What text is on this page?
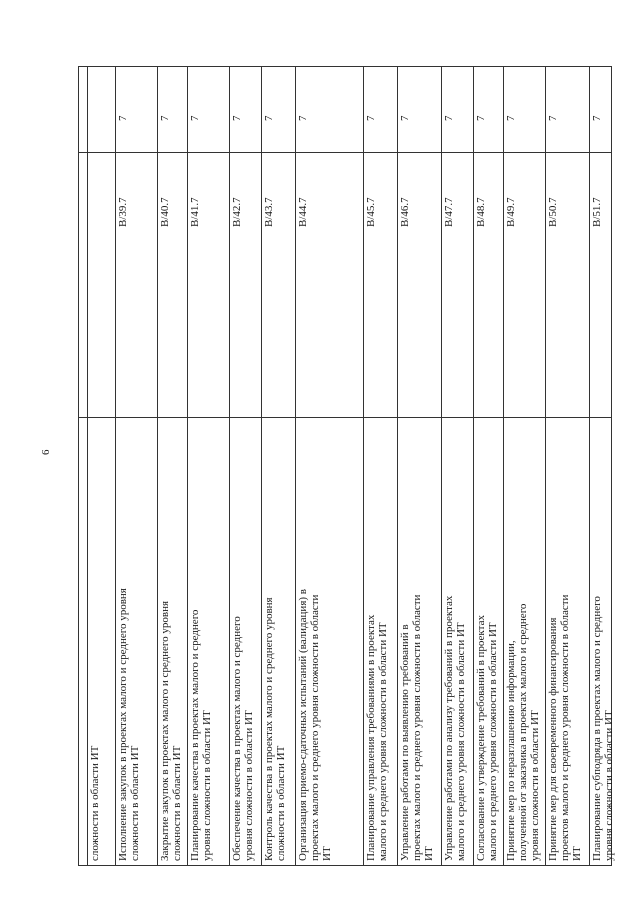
6
сложности в области ИТ Исполнение закупок в проектах малого и среднего уровня сложности в области ИТ
В/39.7
7
Закрытие закупок в проектах малого и среднего уровня сложности в области ИТ
В/40.7
7
Планирование качества в проектах малого и среднего уровня сложности в области ИТ
В/41.7
7
Обеспечение качества в проектах малого и среднего уровня сложности в области ИТ
В/42.7
7
Контроль качества в проектах малого и среднего уровня сложности в области ИТ
В/43.7
7
Организация приемо-сдаточных испытаний (валидация) в проектах малого и среднего уровня сложности в области ИТ
В/44.7
7
Планирование управления требованиями в проектах малого и среднего уровня сложности в области ИТ
В/45.7
7
Управление работами по выявлению требований в проектах малого и среднего уровня сложности в области ИТ
В/46.7
7
Управление работами по анализу требований в проектах малого и среднего уровня сложности в области ИТ
В/47.7
7
Согласование и утверждение требований в проектах малого и среднего уровня сложности в области ИТ
В/48.7
7
Принятие мер по неразглашению информации, полученной от заказчика в проектах малого и среднего уровня сложности в области ИТ
В/49.7
7
Принятие мер для своевременного финансирования проектов малого и среднего уровня сложности в области ИТ
В/50.7
7
Планирование субподряда в проектах малого и среднего уровня сложности в области ИТ
В/51.7
7
